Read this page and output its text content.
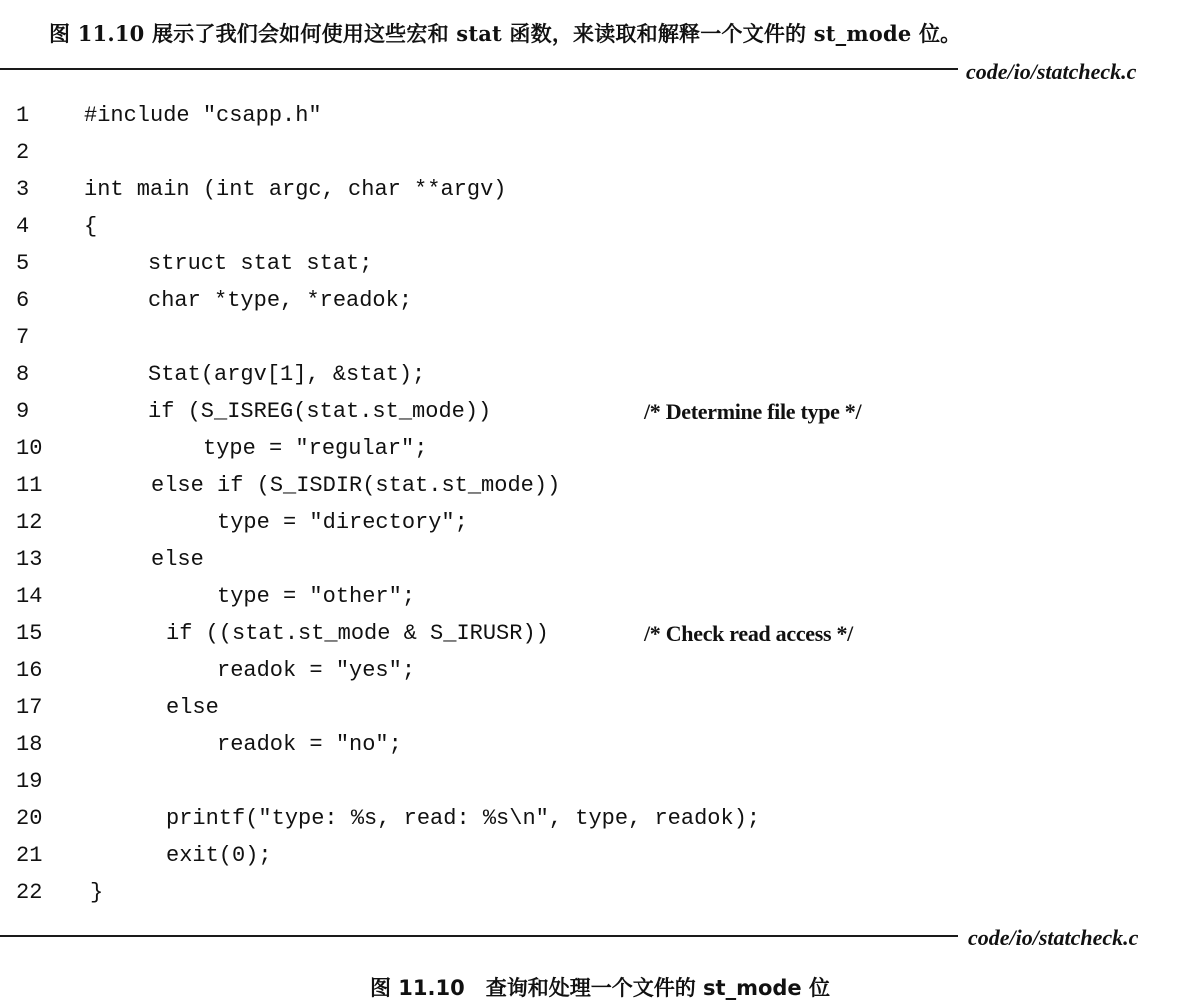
图 11.10 展示了我们会如何使用这些宏和 stat 函数，来读取和解释一个文件的 st_mode 位。
code/io/statcheck.c
1 #include "csapp.h"
2
3 int main (int argc, char **argv)
4 {
5	struct stat stat;
6	char *type, *readok;
7
8	Stat(argv[1], &stat);
9	if (S_ISREG(stat.st_mode))	/* Determine file type */
10	type = "regular";
11	else if (S_ISDIR(stat.st_mode))
12	type = "directory";
13	else
14	type = "other";
15	if ((stat.st_mode & S_IRUSR))	/* Check read access */
16	readok = "yes";
17	else
18	readok = "no";
19
20	printf("type: %s, read: %s\n", type, readok);
21	exit(0);
22 }
code/io/statcheck.c
图 11.10　查询和处理一个文件的 st_mode 位
